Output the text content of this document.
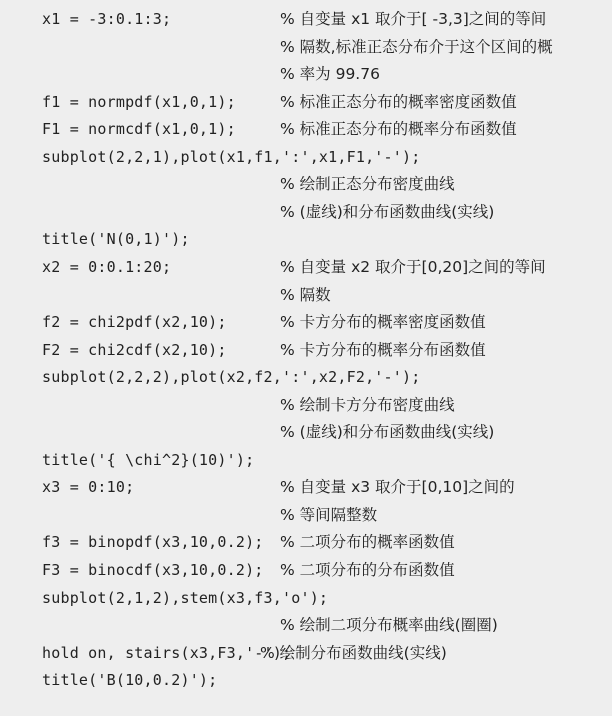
x1 = -3:0.1:3;	% 自变量 x1 取介于[ -3,3]之间的等间
% 隔数,标准正态分布介于这个区间的概
% 率为 99.76
f1 = normpdf(x1,0,1);	% 标准正态分布的概率密度函数值
F1 = normcdf(x1,0,1);	% 标准正态分布的概率分布函数值
subplot(2,2,1),plot(x1,f1,':',x1,F1,'-');
% 绘制正态分布密度曲线
% (虚线)和分布函数曲线(实线)
title('N(0,1)');
x2 = 0:0.1:20;	% 自变量 x2 取介于[0,20]之间的等间
% 隔数
f2 = chi2pdf(x2,10);	% 卡方分布的概率密度函数值
F2 = chi2cdf(x2,10);	% 卡方分布的概率分布函数值
subplot(2,2,2),plot(x2,f2,':',x2,F2,'-');
% 绘制卡方分布密度曲线
% (虚线)和分布函数曲线(实线)
title('{ \chi^2}(10)');
x3 = 0:10;	% 自变量 x3 取介于[0,10]之间的
% 等间隔整数
f3 = binopdf(x3,10,0.2); % 二项分布的概率函数值
F3 = binocdf(x3,10,0.2); % 二项分布的分布函数值
subplot(2,1,2),stem(x3,f3,'o');
% 绘制二项分布概率曲线(圈圈)
hold on, stairs(x3,F3,'-');
% 绘制分布函数曲线(实线)
title('B(10,0.2)');
